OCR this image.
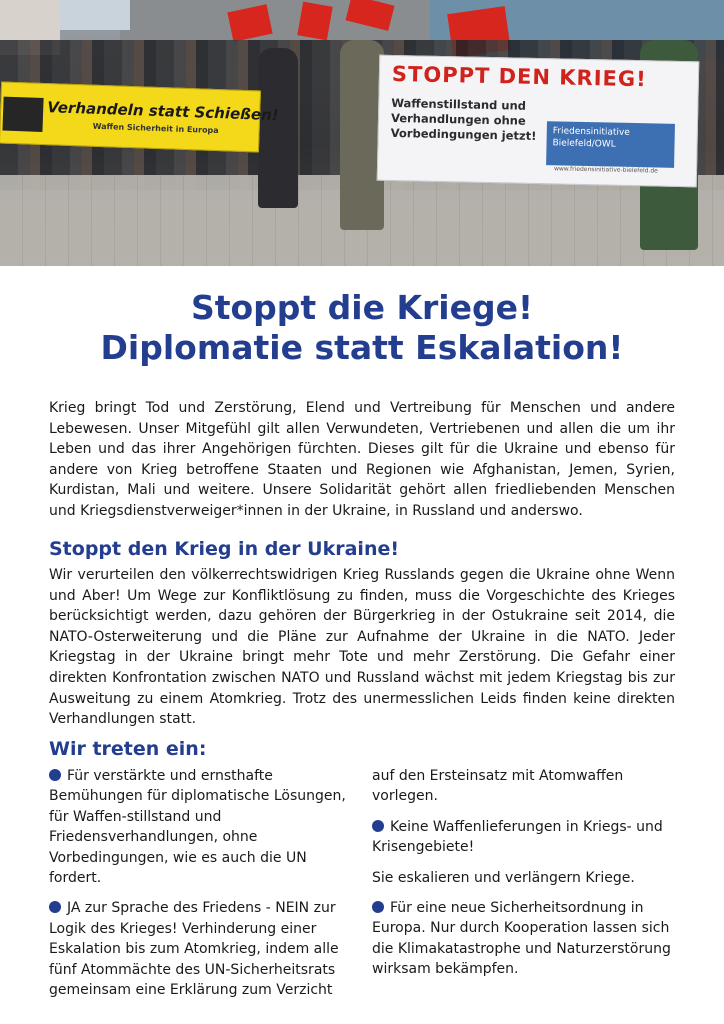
Verhandeln statt Schießen!
Waffen Sicherheit in Europa
STOPPT DEN KRIEG!
Waffenstillstand und Verhandlungen ohne Vorbedingungen jetzt!	Friedensinitiative Bielefeld/OWL
www.friedensinitiative-bielefeld.de
Stoppt die Kriege!
Diplomatie statt Eskalation!
Krieg bringt Tod und Zerstörung, Elend und Vertreibung für Menschen und andere Lebewesen. Unser Mitgefühl gilt allen Verwundeten, Vertriebenen und allen die um ihr Leben und das ihrer Angehörigen fürchten. Dieses gilt für die Ukraine und ebenso für andere von Krieg betroffene Staaten und Regionen wie Afghanistan, Jemen, Syrien, Kurdistan, Mali und weitere. Unsere Solidarität gehört allen friedliebenden Menschen und Kriegsdienstverweiger*innen in der Ukraine, in Russland und anderswo.
Stoppt den Krieg in der Ukraine!
Wir verurteilen den völkerrechtswidrigen Krieg Russlands gegen die Ukraine ohne Wenn und Aber! Um Wege zur Konfliktlösung zu finden, muss die Vorgeschichte des Krieges berücksichtigt werden, dazu gehören der Bürgerkrieg in der Ostukraine seit 2014, die NATO-Osterweiterung und die Pläne zur Aufnahme der Ukraine in die NATO. Jeder Kriegstag in der Ukraine bringt mehr Tote und mehr Zerstörung. Die Gefahr einer direkten Konfrontation zwischen NATO und Russland wächst mit jedem Kriegstag bis zur Ausweitung zu einem Atomkrieg. Trotz des unermesslichen Leids finden keine direkten Verhandlungen statt.
Wir treten ein:

Für verstärkte und ernsthafte Bemühungen für diplomatische Lösungen, für Waffen-stillstand und Friedensverhandlungen, ohne Vorbedingungen, wie es auch die UN fordert.

JA zur Sprache des Friedens - NEIN zur Logik des Krieges! Verhinderung einer Eskalation bis zum Atomkrieg, indem alle fünf Atommächte des UN-Sicherheitsrats gemeinsam eine Erklärung zum Verzicht

auf den Ersteinsatz mit Atomwaffen vorlegen.

Keine Waffenlieferungen in Kriegs- und Krisengebiete!

Sie eskalieren und verlängern Kriege.

Für eine neue Sicherheitsordnung in Europa. Nur durch Kooperation lassen sich die Klimakatastrophe und Naturzerstörung wirksam bekämpfen.
